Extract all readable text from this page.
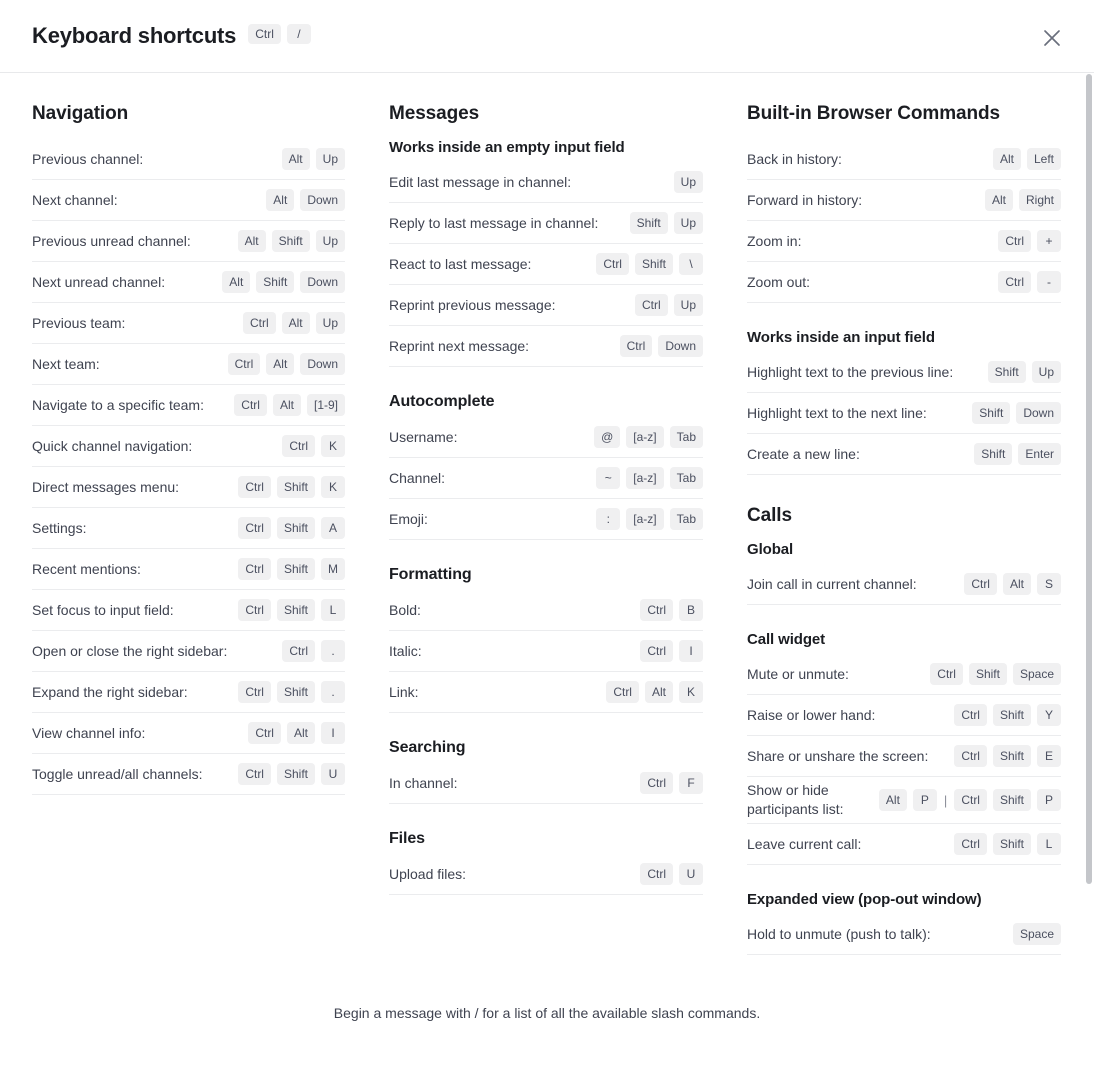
Keyboard shortcuts	Ctrl	/
Navigation
Previous channel:	Alt	Up
Next channel:	Alt	Down
Previous unread channel:	Alt	Shift	Up
Next unread channel:	Alt	Shift	Down
Previous team:	Ctrl	Alt	Up
Next team:	Ctrl	Alt	Down
Navigate to a specific team:	Ctrl	Alt	[1-9]
Quick channel navigation:	Ctrl	K
Direct messages menu:	Ctrl	Shift	K
Settings:	Ctrl	Shift	A
Recent mentions:	Ctrl	Shift	M
Set focus to input field:	Ctrl	Shift	L
Open or close the right sidebar:	Ctrl	.
Expand the right sidebar:	Ctrl	Shift	.
View channel info:	Ctrl	Alt	I
Toggle unread/all channels:	Ctrl	Shift	U
Messages
Works inside an empty input field
Edit last message in channel:	Up
Reply to last message in channel:	Shift	Up
React to last message:	Ctrl	Shift	\
Reprint previous message:	Ctrl	Up
Reprint next message:	Ctrl	Down
Autocomplete
Username:	@	[a-z]	Tab
Channel:	~	[a-z]	Tab
Emoji:	:	[a-z]	Tab
Formatting
Bold:	Ctrl	B
Italic:	Ctrl	I
Link:	Ctrl	Alt	K
Searching
In channel:	Ctrl	F
Files
Upload files:	Ctrl	U
Built-in Browser Commands
Back in history:	Alt	Left
Forward in history:	Alt	Right
Zoom in:	Ctrl	+
Zoom out:	Ctrl	-
Works inside an input field
Highlight text to the previous line:	Shift	Up
Highlight text to the next line:	Shift	Down
Create a new line:	Shift	Enter
Calls
Global
Join call in current channel:	Ctrl	Alt	S
Call widget
Mute or unmute:	Ctrl	Shift	Space
Raise or lower hand:	Ctrl	Shift	Y
Share or unshare the screen:	Ctrl	Shift	E
Show or hide participants list:
Alt	P	|	Ctrl	Shift	P
Leave current call:	Ctrl	Shift	L
Expanded view (pop-out window)
Hold to unmute (push to talk):	Space
Begin a message with / for a list of all the available slash commands.
